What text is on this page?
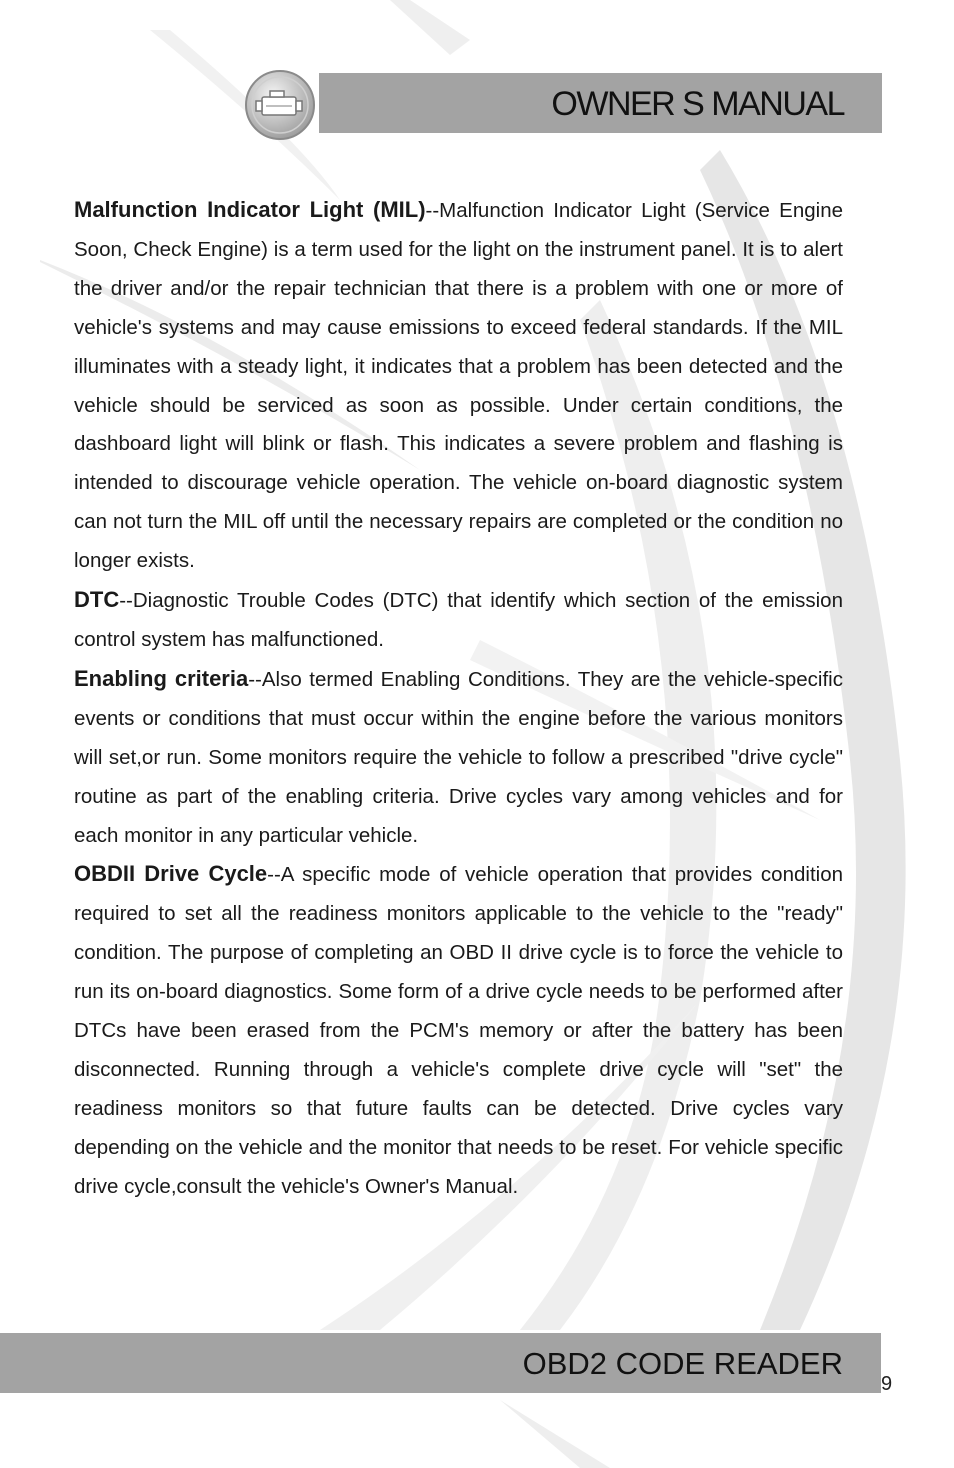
OWNER S MANUAL

Malfunction Indicator Light (MIL)--Malfunction Indicator Light (Service Engine Soon, Check Engine) is a term used for the light on the instrument panel. It is to alert the driver and/or the repair technician that there is a problem with one or more of vehicle's systems and may cause emissions to exceed federal standards. If the MIL illuminates with a steady light, it indicates that a problem has been detected and the vehicle should be serviced as soon as possible. Under certain conditions, the dashboard light will blink or flash. This indicates a severe problem and flashing is intended to discourage vehicle operation. The vehicle on-board diagnostic system can not turn the MIL off until the necessary repairs are completed or the condition no longer exists.

DTC--Diagnostic Trouble Codes (DTC) that identify which section of the emission control system has malfunctioned.

Enabling criteria--Also termed Enabling Conditions. They are the vehicle-specific events or conditions that must occur within the engine before the various monitors will set,or run. Some monitors require the vehicle to follow a prescribed "drive cycle" routine as part of the enabling criteria. Drive cycles vary among vehicles and for each monitor in any particular vehicle.

OBDII Drive Cycle--A specific mode of vehicle operation that provides condition required to set all the readiness monitors applicable to the vehicle to the "ready" condition. The purpose of completing an OBD II drive cycle is to force the vehicle to run its on-board diagnostics. Some form of a drive cycle needs to be performed after DTCs have been erased from the PCM's memory or after the battery has been disconnected. Running through a vehicle's complete drive cycle will "set" the readiness monitors so that future faults can be detected. Drive cycles vary depending on the vehicle and the monitor that needs to be reset. For vehicle specific drive cycle,consult the vehicle's Owner's Manual.

OBD2 CODE READER
9
